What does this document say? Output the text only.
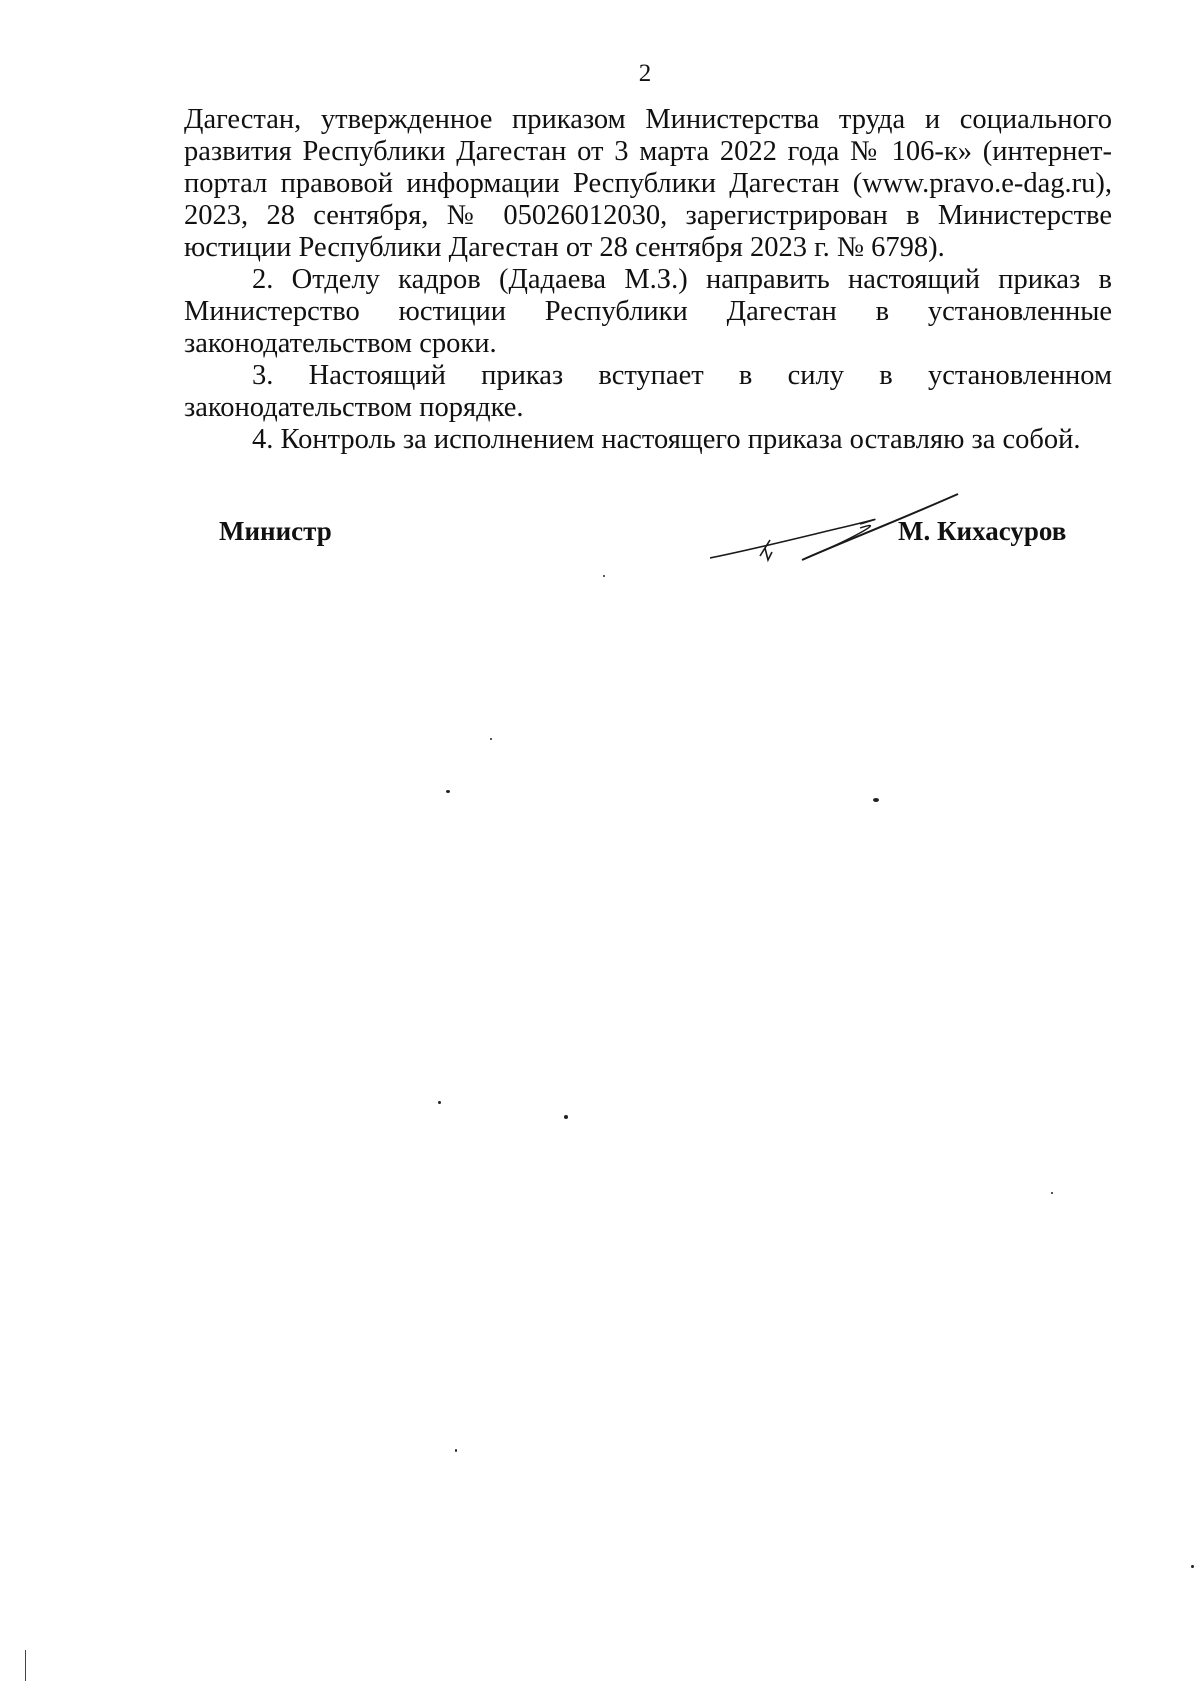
2

Дагестан, утвержденное приказом Министерства труда и социального развития Республики Дагестан от 3 марта 2022 года № 106-к» (интернет-портал правовой информации Республики Дагестан (www.pravo.e-dag.ru), 2023, 28 сентября, № 05026012030, зарегистрирован в Министерстве юстиции Республики Дагестан от 28 сентября 2023 г. № 6798).

2. Отделу кадров (Дадаева М.З.) направить настоящий приказ в Министерство юстиции Республики Дагестан в установленные законодательством сроки.

3. Настоящий приказ вступает в силу в установленном законодательством порядке.

4. Контроль за исполнением настоящего приказа оставляю за собой.

Министр	М. Кихасуров
